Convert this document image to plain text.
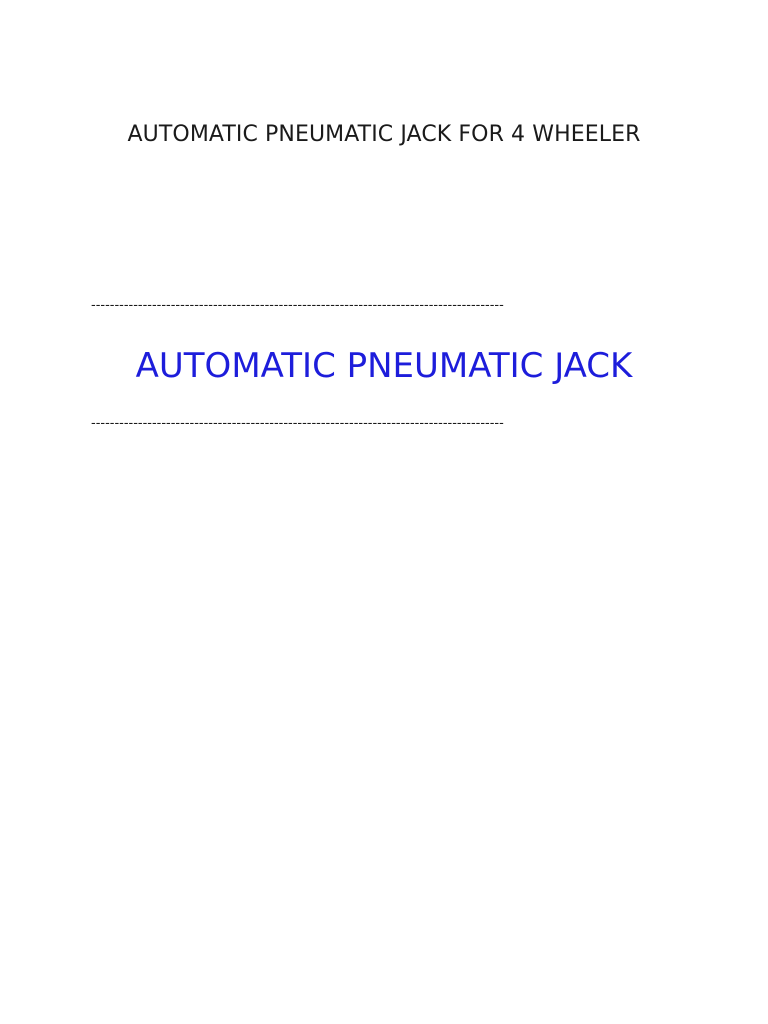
AUTOMATIC PNEUMATIC JACK FOR 4 WHEELER
----------------------------------------------------------------------------------------
AUTOMATIC PNEUMATIC JACK
----------------------------------------------------------------------------------------
